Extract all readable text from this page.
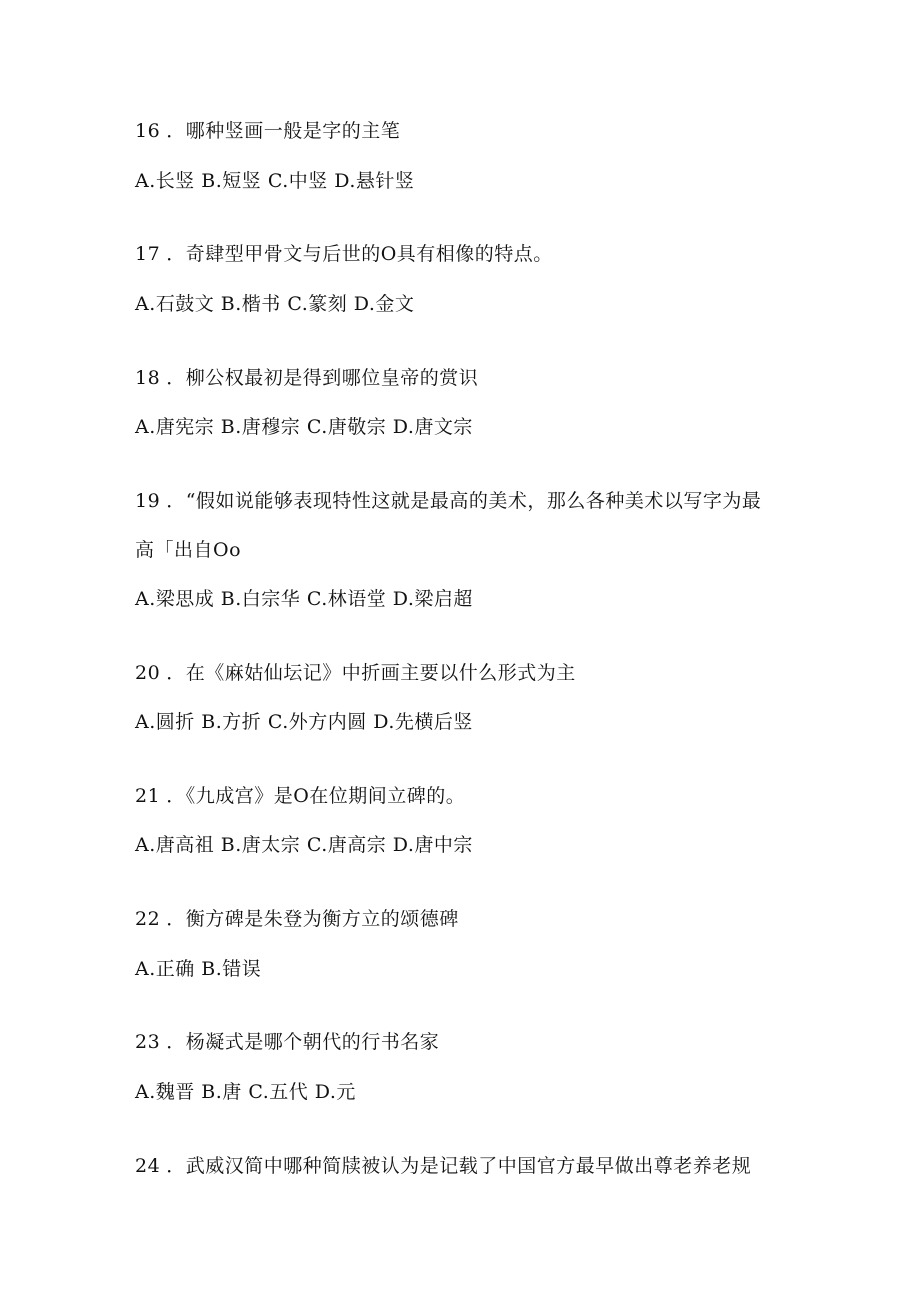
16 ．哪种竖画一般是字的主笔
A.长竖 B.短竖 C.中竖 D.悬针竖
17 ．奇肆型甲骨文与后世的O具有相像的特点。
A.石鼓文 B.楷书 C.篆刻 D.金文
18 ．柳公权最初是得到哪位皇帝的赏识
A.唐宪宗 B.唐穆宗 C.唐敬宗 D.唐文宗
19 ．“假如说能够表现特性这就是最高的美术，那么各种美术以写字为最
高「出自Oo
A.梁思成 B.白宗华 C.林语堂 D.梁启超
20 ．在《麻姑仙坛记》中折画主要以什么形式为主
A.圆折 B.方折 C.外方内圆 D.先横后竖
21 ．《九成宫》是O在位期间立碑的。
A.唐高祖 B.唐太宗 C.唐高宗 D.唐中宗
22 ．衡方碑是朱登为衡方立的颂德碑
A.正确 B.错误
23 ．杨凝式是哪个朝代的行书名家
A.魏晋 B.唐 C.五代 D.元
24 ．武威汉简中哪种简牍被认为是记载了中国官方最早做出尊老养老规
